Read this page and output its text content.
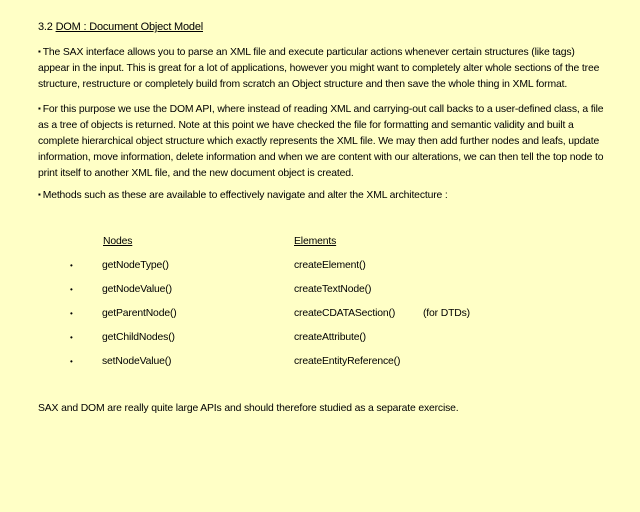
3.2 DOM : Document Object Model
▪ The SAX interface allows you to parse an XML file and execute particular actions whenever certain structures (like tags) appear in the input. This is great for a lot of applications, however you might want to completely alter whole sections of the tree structure, restructure or completely build from scratch an Object structure and then save the whole thing in XML format.
▪ For this purpose we use the DOM API, where instead of reading XML and carrying-out call backs to a user-defined class, a file as a tree of objects is returned. Note at this point we have checked the file for formatting and semantic validity and built a complete hierarchical object structure which exactly represents the XML file. We may then add further nodes and leafs, update information, move information, delete information and when we are content with our alterations, we can then tell the top node to print itself to another XML file, and the new document object is created.
▪ Methods such as these are available to effectively navigate and alter the XML architecture :
Nodes	Elements
•	getNodeType()	createElement()
•	getNodeValue()	createTextNode()
•	getParentNode()	createCDATASection()	(for DTDs)
•	getChildNodes()	createAttribute()
•	setNodeValue()	createEntityReference()
SAX and DOM are really quite large APIs and should therefore studied as a separate exercise.
